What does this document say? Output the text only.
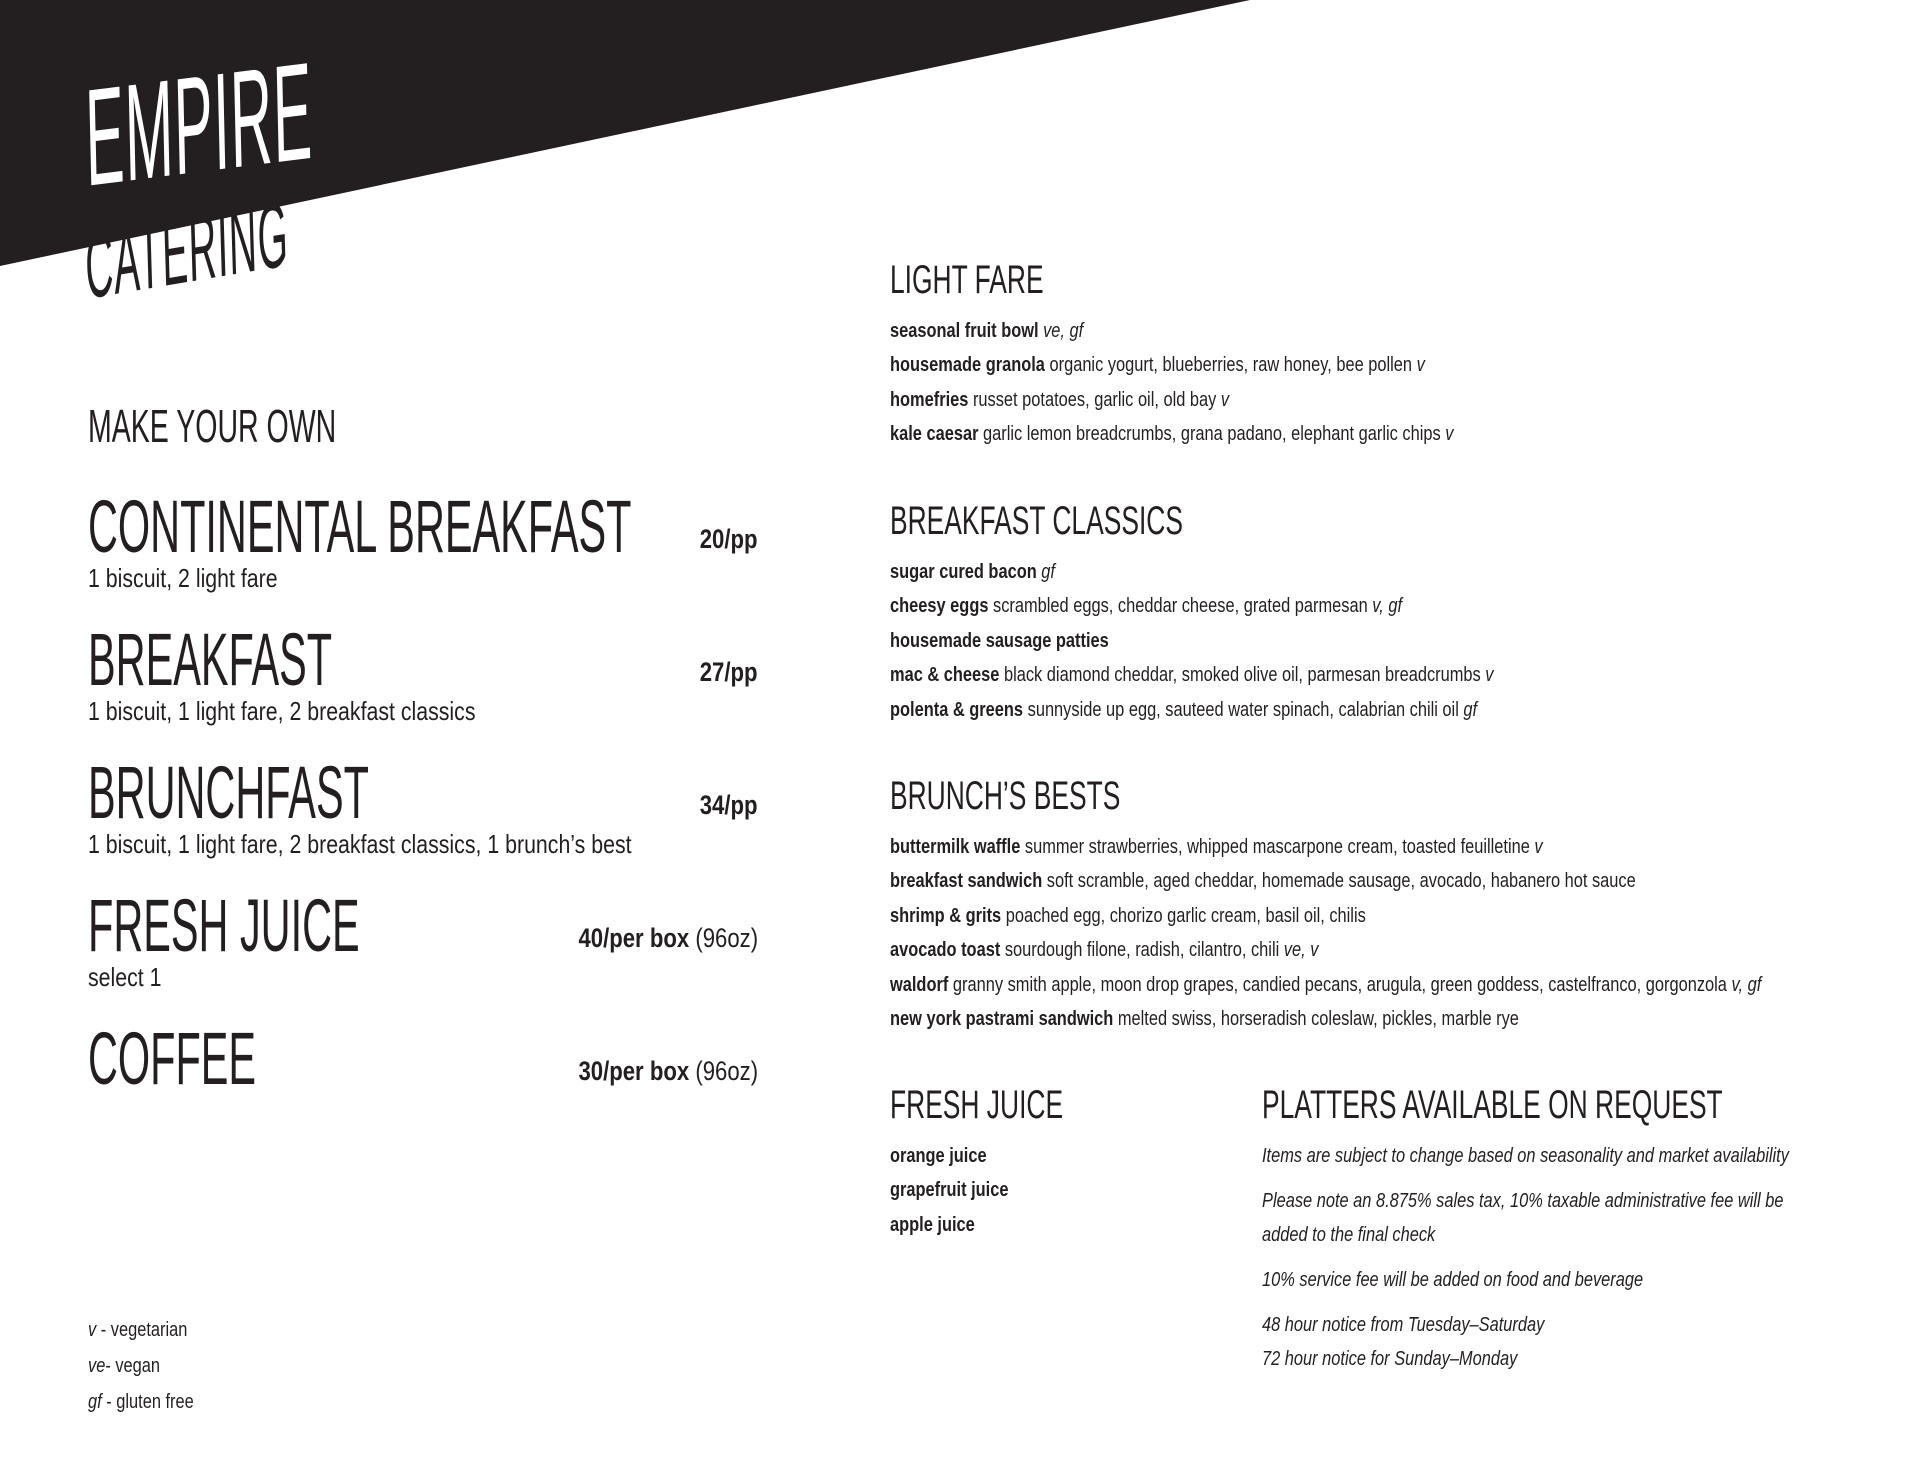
EMPIRE
CATERING
MAKE YOUR OWN
CONTINENTAL BREAKFAST
1 biscuit, 2 light fare
20/pp
BREAKFAST
1 biscuit, 1 light fare, 2 breakfast classics
27/pp
BRUNCHFAST
1 biscuit, 1 light fare, 2 breakfast classics, 1 brunch’s best
34/pp
FRESH JUICE
select 1
40/per box (96oz)
COFFEE	30/per box (96oz)
v - vegetarian
ve- vegan
gf - gluten free
LIGHT FARE
seasonal fruit bowl ve, gf
housemade granola organic yogurt, blueberries, raw honey, bee pollen v
homefries russet potatoes, garlic oil, old bay v
kale caesar garlic lemon breadcrumbs, grana padano, elephant garlic chips v
BREAKFAST CLASSICS
sugar cured bacon gf
cheesy eggs scrambled eggs, cheddar cheese, grated parmesan v, gf
housemade sausage patties
mac & cheese black diamond cheddar, smoked olive oil, parmesan breadcrumbs v
polenta & greens sunnyside up egg, sauteed water spinach, calabrian chili oil gf
BRUNCH’S BESTS
buttermilk waffle summer strawberries, whipped mascarpone cream, toasted feuilletine v
breakfast sandwich soft scramble, aged cheddar, homemade sausage, avocado, habanero hot sauce
shrimp & grits poached egg, chorizo garlic cream, basil oil, chilis
avocado toast sourdough filone, radish, cilantro, chili ve, v
waldorf granny smith apple, moon drop grapes, candied pecans, arugula, green goddess, castelfranco, gorgonzola v, gf
new york pastrami sandwich melted swiss, horseradish coleslaw, pickles, marble rye
FRESH JUICE
orange juice
grapefruit juice
apple juice
PLATTERS AVAILABLE ON REQUEST
Items are subject to change based on seasonality and market availability
Please note an 8.875% sales tax, 10% taxable administrative fee will be
added to the final check
10% service fee will be added on food and beverage
48 hour notice from Tuesday–Saturday
72 hour notice for Sunday–Monday
